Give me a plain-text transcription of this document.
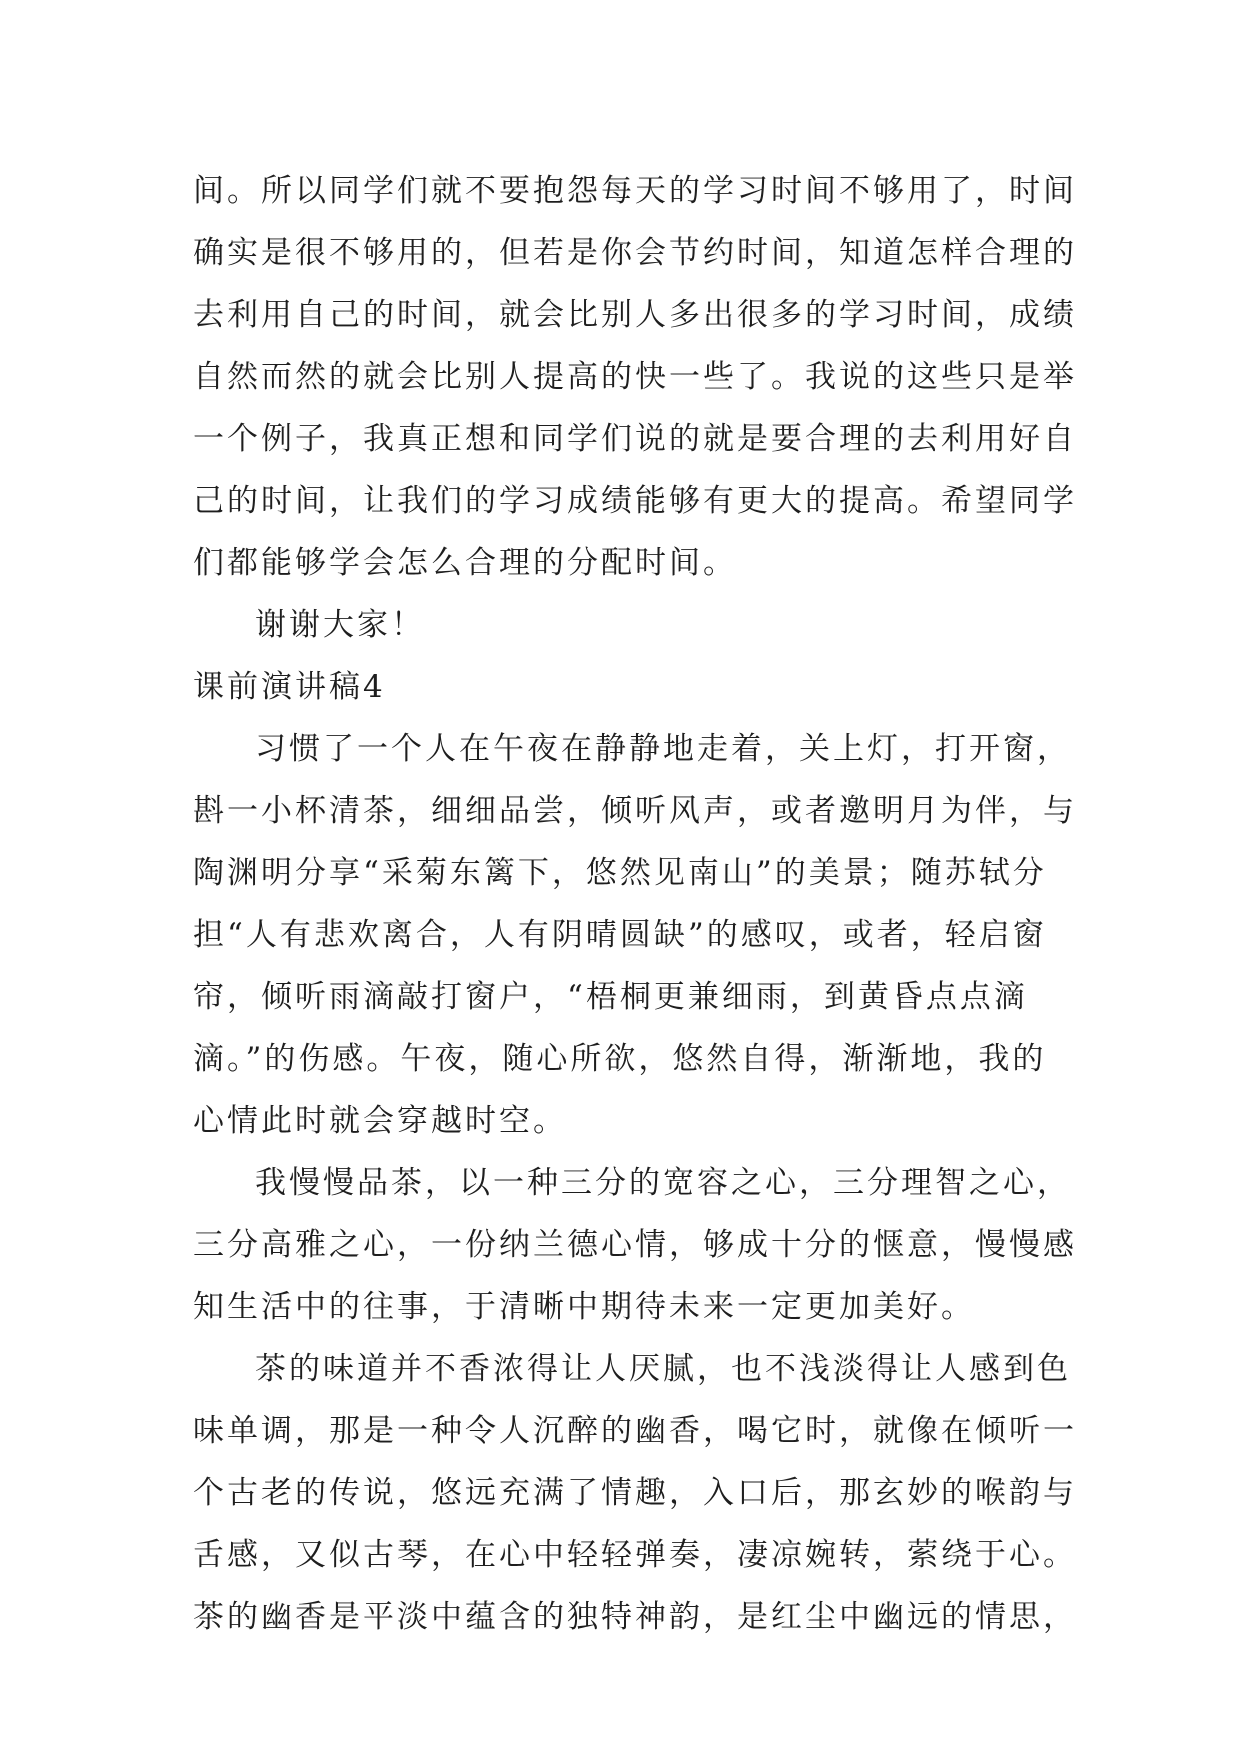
间。所以同学们就不要抱怨每天的学习时间不够用了，时间
确实是很不够用的，但若是你会节约时间，知道怎样合理的
去利用自己的时间，就会比别人多出很多的学习时间，成绩
自然而然的就会比别人提高的快一些了。我说的这些只是举
一个例子，我真正想和同学们说的就是要合理的去利用好自
己的时间，让我们的学习成绩能够有更大的提高。希望同学
们都能够学会怎么合理的分配时间。
谢谢大家！
课前演讲稿4
习惯了一个人在午夜在静静地走着，关上灯，打开窗，
斟一小杯清茶，细细品尝，倾听风声，或者邀明月为伴，与
陶渊明分享“采菊东篱下，悠然见南山”的美景；随苏轼分
担“人有悲欢离合，人有阴晴圆缺”的感叹，或者，轻启窗
帘，倾听雨滴敲打窗户，“梧桐更兼细雨，到黄昏点点滴
滴。”的伤感。午夜，随心所欲，悠然自得，渐渐地，我的
心情此时就会穿越时空。
我慢慢品茶，以一种三分的宽容之心，三分理智之心，
三分高雅之心，一份纳兰德心情，够成十分的惬意，慢慢感
知生活中的往事，于清晰中期待未来一定更加美好。
茶的味道并不香浓得让人厌腻，也不浅淡得让人感到色
味单调，那是一种令人沉醉的幽香，喝它时，就像在倾听一
个古老的传说，悠远充满了情趣，入口后，那玄妙的喉韵与
舌感，又似古琴，在心中轻轻弹奏，凄凉婉转，萦绕于心。
茶的幽香是平淡中蕴含的独特神韵，是红尘中幽远的情思，
